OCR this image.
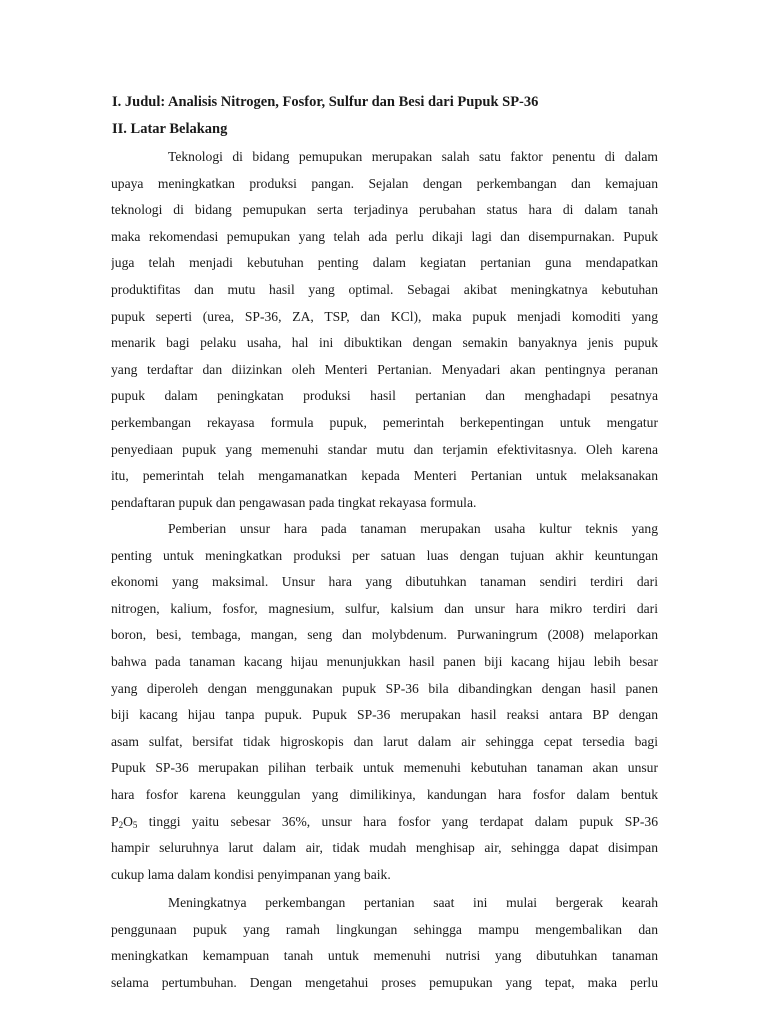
I. Judul: Analisis Nitrogen, Fosfor, Sulfur dan Besi dari Pupuk SP-36
II. Latar Belakang
Teknologi di bidang pemupukan merupakan salah satu faktor penentu di dalam
upaya meningkatkan produksi pangan. Sejalan dengan perkembangan dan kemajuan
teknologi di bidang pemupukan serta terjadinya perubahan status hara di dalam tanah
maka rekomendasi pemupukan yang telah ada perlu dikaji lagi dan disempurnakan. Pupuk
juga telah menjadi kebutuhan penting dalam kegiatan pertanian guna mendapatkan
produktifitas dan mutu hasil yang optimal. Sebagai akibat meningkatnya kebutuhan
pupuk seperti (urea, SP-36, ZA, TSP, dan KCl), maka pupuk menjadi komoditi yang
menarik bagi pelaku usaha, hal ini dibuktikan dengan semakin banyaknya jenis pupuk
yang terdaftar dan diizinkan oleh Menteri Pertanian. Menyadari akan pentingnya peranan
pupuk dalam peningkatan produksi hasil pertanian dan menghadapi pesatnya
perkembangan rekayasa formula pupuk, pemerintah berkepentingan untuk mengatur
penyediaan pupuk yang memenuhi standar mutu dan terjamin efektivitasnya. Oleh karena
itu, pemerintah telah mengamanatkan kepada Menteri Pertanian untuk melaksanakan
pendaftaran pupuk dan pengawasan pada tingkat rekayasa formula.
Pemberian unsur hara pada tanaman merupakan usaha kultur teknis yang
penting untuk meningkatkan produksi per satuan luas dengan tujuan akhir keuntungan
ekonomi yang maksimal. Unsur hara yang dibutuhkan tanaman sendiri terdiri dari
nitrogen, kalium, fosfor, magnesium, sulfur, kalsium dan unsur hara mikro terdiri dari
boron, besi, tembaga, mangan, seng dan molybdenum. Purwaningrum (2008) melaporkan
bahwa pada tanaman kacang hijau menunjukkan hasil panen biji kacang hijau lebih besar
yang diperoleh dengan menggunakan pupuk SP-36 bila dibandingkan dengan hasil panen
biji kacang hijau tanpa pupuk. Pupuk SP-36 merupakan hasil reaksi antara BP dengan
asam sulfat, bersifat tidak higroskopis dan larut dalam air sehingga cepat tersedia bagi
Pupuk SP-36 merupakan pilihan terbaik untuk memenuhi kebutuhan tanaman akan unsur
hara fosfor karena keunggulan yang dimilikinya, kandungan hara fosfor dalam bentuk
$P_2O_5$ tinggi yaitu sebesar 36%, unsur hara fosfor yang terdapat dalam pupuk SP-36
hampir seluruhnya larut dalam air, tidak mudah menghisap air, sehingga dapat disimpan
cukup lama dalam kondisi penyimpanan yang baik.
Meningkatnya perkembangan pertanian saat ini mulai bergerak kearah
penggunaan pupuk yang ramah lingkungan sehingga mampu mengembalikan dan
meningkatkan kemampuan tanah untuk memenuhi nutrisi yang dibutuhkan tanaman
selama pertumbuhan. Dengan mengetahui proses pemupukan yang tepat, maka perlu
